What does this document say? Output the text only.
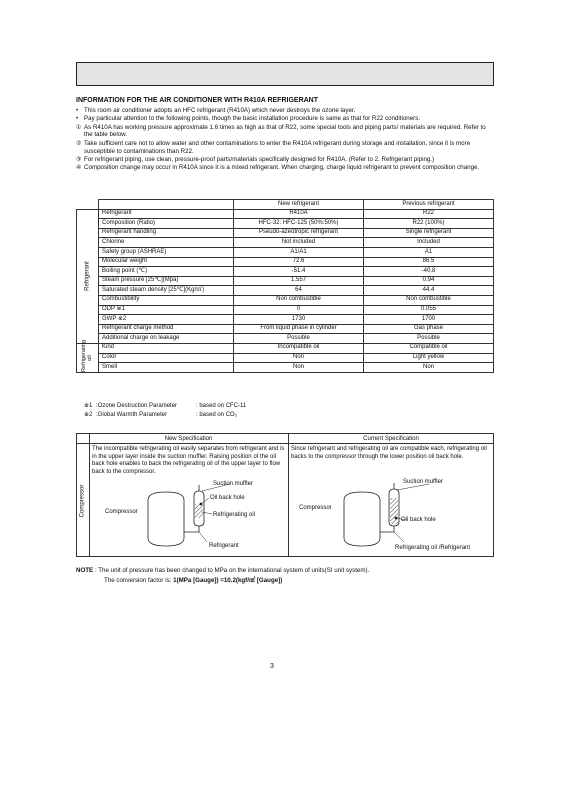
INFORMATION FOR THE AIR CONDITIONER WITH R410A REFRIGERANT
• This room air conditioner adopts an HFC refrigerant (R410A) which never destroys the ozone layer.
• Pay particular attention to the following points, though the basic installation procedure is same as that for R22 conditioners.
① As R410A has working pressure approximate 1.6 times as high as that of R22, some special tools and piping parts/ materials are required. Refer to the table below.
② Take sufficient care not to allow water and other contaminations to enter the R410A refrigerant during storage and installation, since it is more susceptible to contaminations than R22.
③ For refrigerant piping, use clean, pressure-proof parts/materials specifically designed for R410A. (Refer to 2. Refrigerant piping.)
④ Composition change may occur in R410A since it is a mixed refrigerant. When charging, charge liquid refrigerant to prevent composition change.
		New refrigerant	Previous refrigerant

Refrigerant	Refrigerant	R410A	R22
	Composition (Ratio)	HFC-32: HFC-125 (50%:50%)	R22 (100%)
	Refrigerant handling	Pseudo-azeotropic refrigerant	Single refrigerant
	Chlorine	Not included	Included
	Safety group (ASHRAE)	A1/A1	A1
	Molecular weight	72.6	86.5
	Boiling point (℃)	-51.4	-40.8
	Steam pressure [25℃](Mpa)	1.557	0.94
	Saturated steam density [25℃](Kg/㎥)	64	44.4
	Combustibility	Non combustible	Non combustible
	ODP ※1	0	0.055
	GWP ※2	1730	1700
	Refrigerant charge method	From liquid phase in cylinder	Gas phase
	Additional charge on leakage	Possible	Possible

Refrigerating oil	Kind	Incompatible oil	Compatible oil
	Color	Non	Light yellow
	Smell	Non	Non
※1 :Ozone Destruction Parameter	: based on CFC-11
※2 :Global Warmth Parameter	: based on CO₂
New Specification	Current Specification
Compressor
The incompatible refrigerating oil easily separates from refrigerant and is in the upper layer inside the suction muffler. Raising position of the oil back hole enables to back the refrigerating oil of the upper layer to flow back to the compressor.
Since refrigerant and refrigerating oil are compatible each, refrigerating oil backs to the compressor through the lower position oil back hole.
Suction muffler
Compressor
Oil back hole
Refrigerating oil
Refrigerant
Suction muffler
Compressor
Oil back hole
Refrigerating oil /Refrigerant
NOTE : The unit of pressure has been changed to MPa on the international system of units(SI unit system).
The conversion factor is: 1(MPa [Gauge]) =10.2(kgf/㎠ [Gauge])
3
